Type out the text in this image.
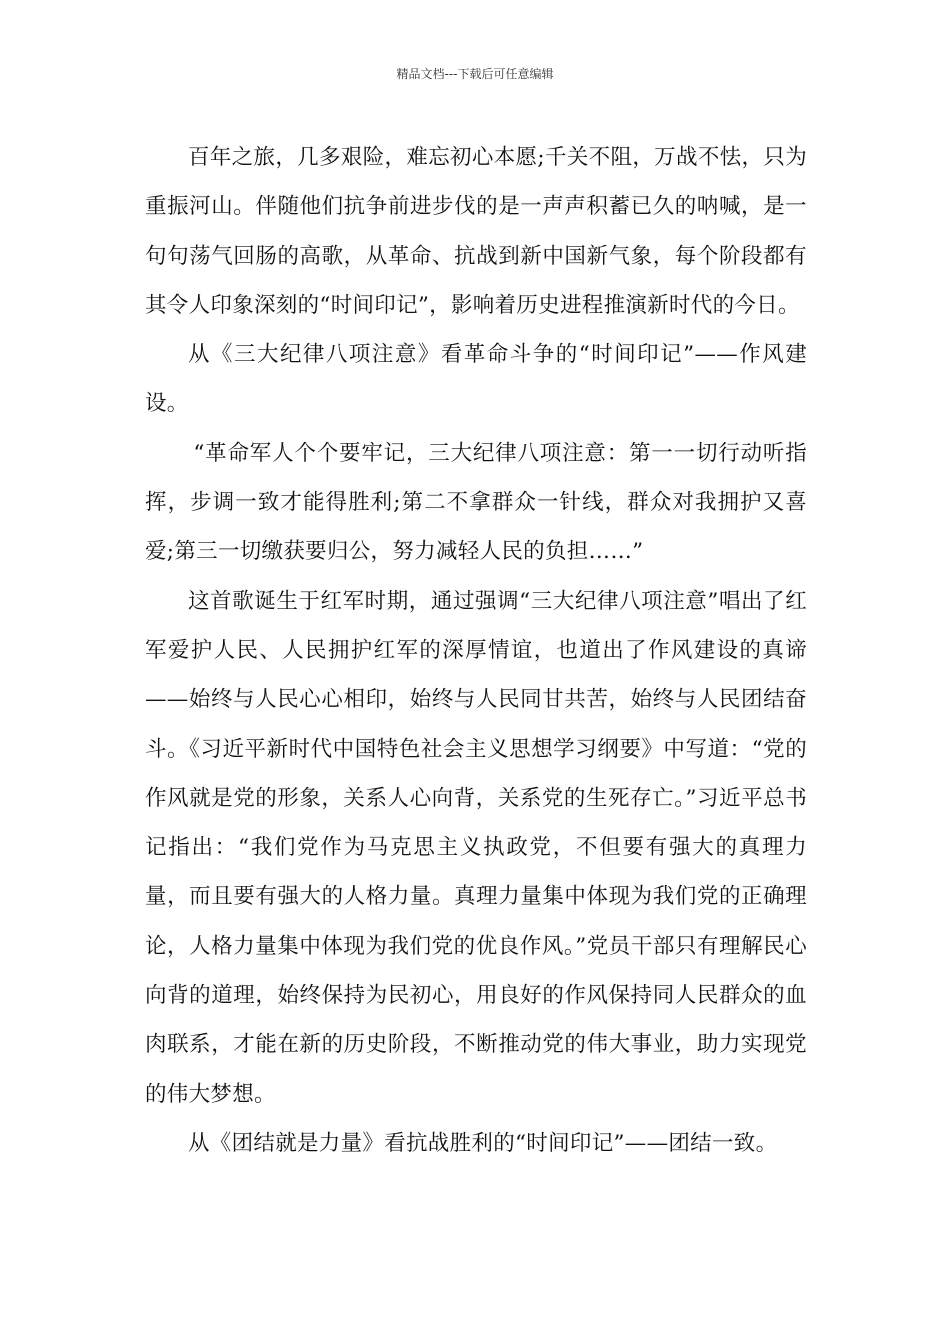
精品文档---下载后可任意编辑

百年之旅，几多艰险，难忘初心本愿;千关不阻，万战不怯，只为重振河山。伴随他们抗争前进步伐的是一声声积蓄已久的呐喊，是一句句荡气回肠的高歌，从革命、抗战到新中国新气象，每个阶段都有其令人印象深刻的“时间印记”，影响着历史进程推演新时代的今日。

从《三大纪律八项注意》看革命斗争的“时间印记”——作风建设。

“革命军人个个要牢记，三大纪律八项注意：第一一切行动听指挥，步调一致才能得胜利;第二不拿群众一针线，群众对我拥护又喜爱;第三一切缴获要归公，努力减轻人民的负担……”

这首歌诞生于红军时期，通过强调“三大纪律八项注意”唱出了红军爱护人民、人民拥护红军的深厚情谊，也道出了作风建设的真谛——始终与人民心心相印，始终与人民同甘共苦，始终与人民团结奋斗。《习近平新时代中国特色社会主义思想学习纲要》中写道：“党的作风就是党的形象，关系人心向背，关系党的生死存亡。”习近平总书记指出：“我们党作为马克思主义执政党，不但要有强大的真理力量，而且要有强大的人格力量。真理力量集中体现为我们党的正确理论，人格力量集中体现为我们党的优良作风。”党员干部只有理解民心向背的道理，始终保持为民初心，用良好的作风保持同人民群众的血肉联系，才能在新的历史阶段，不断推动党的伟大事业，助力实现党的伟大梦想。

从《团结就是力量》看抗战胜利的“时间印记”——团结一致。
